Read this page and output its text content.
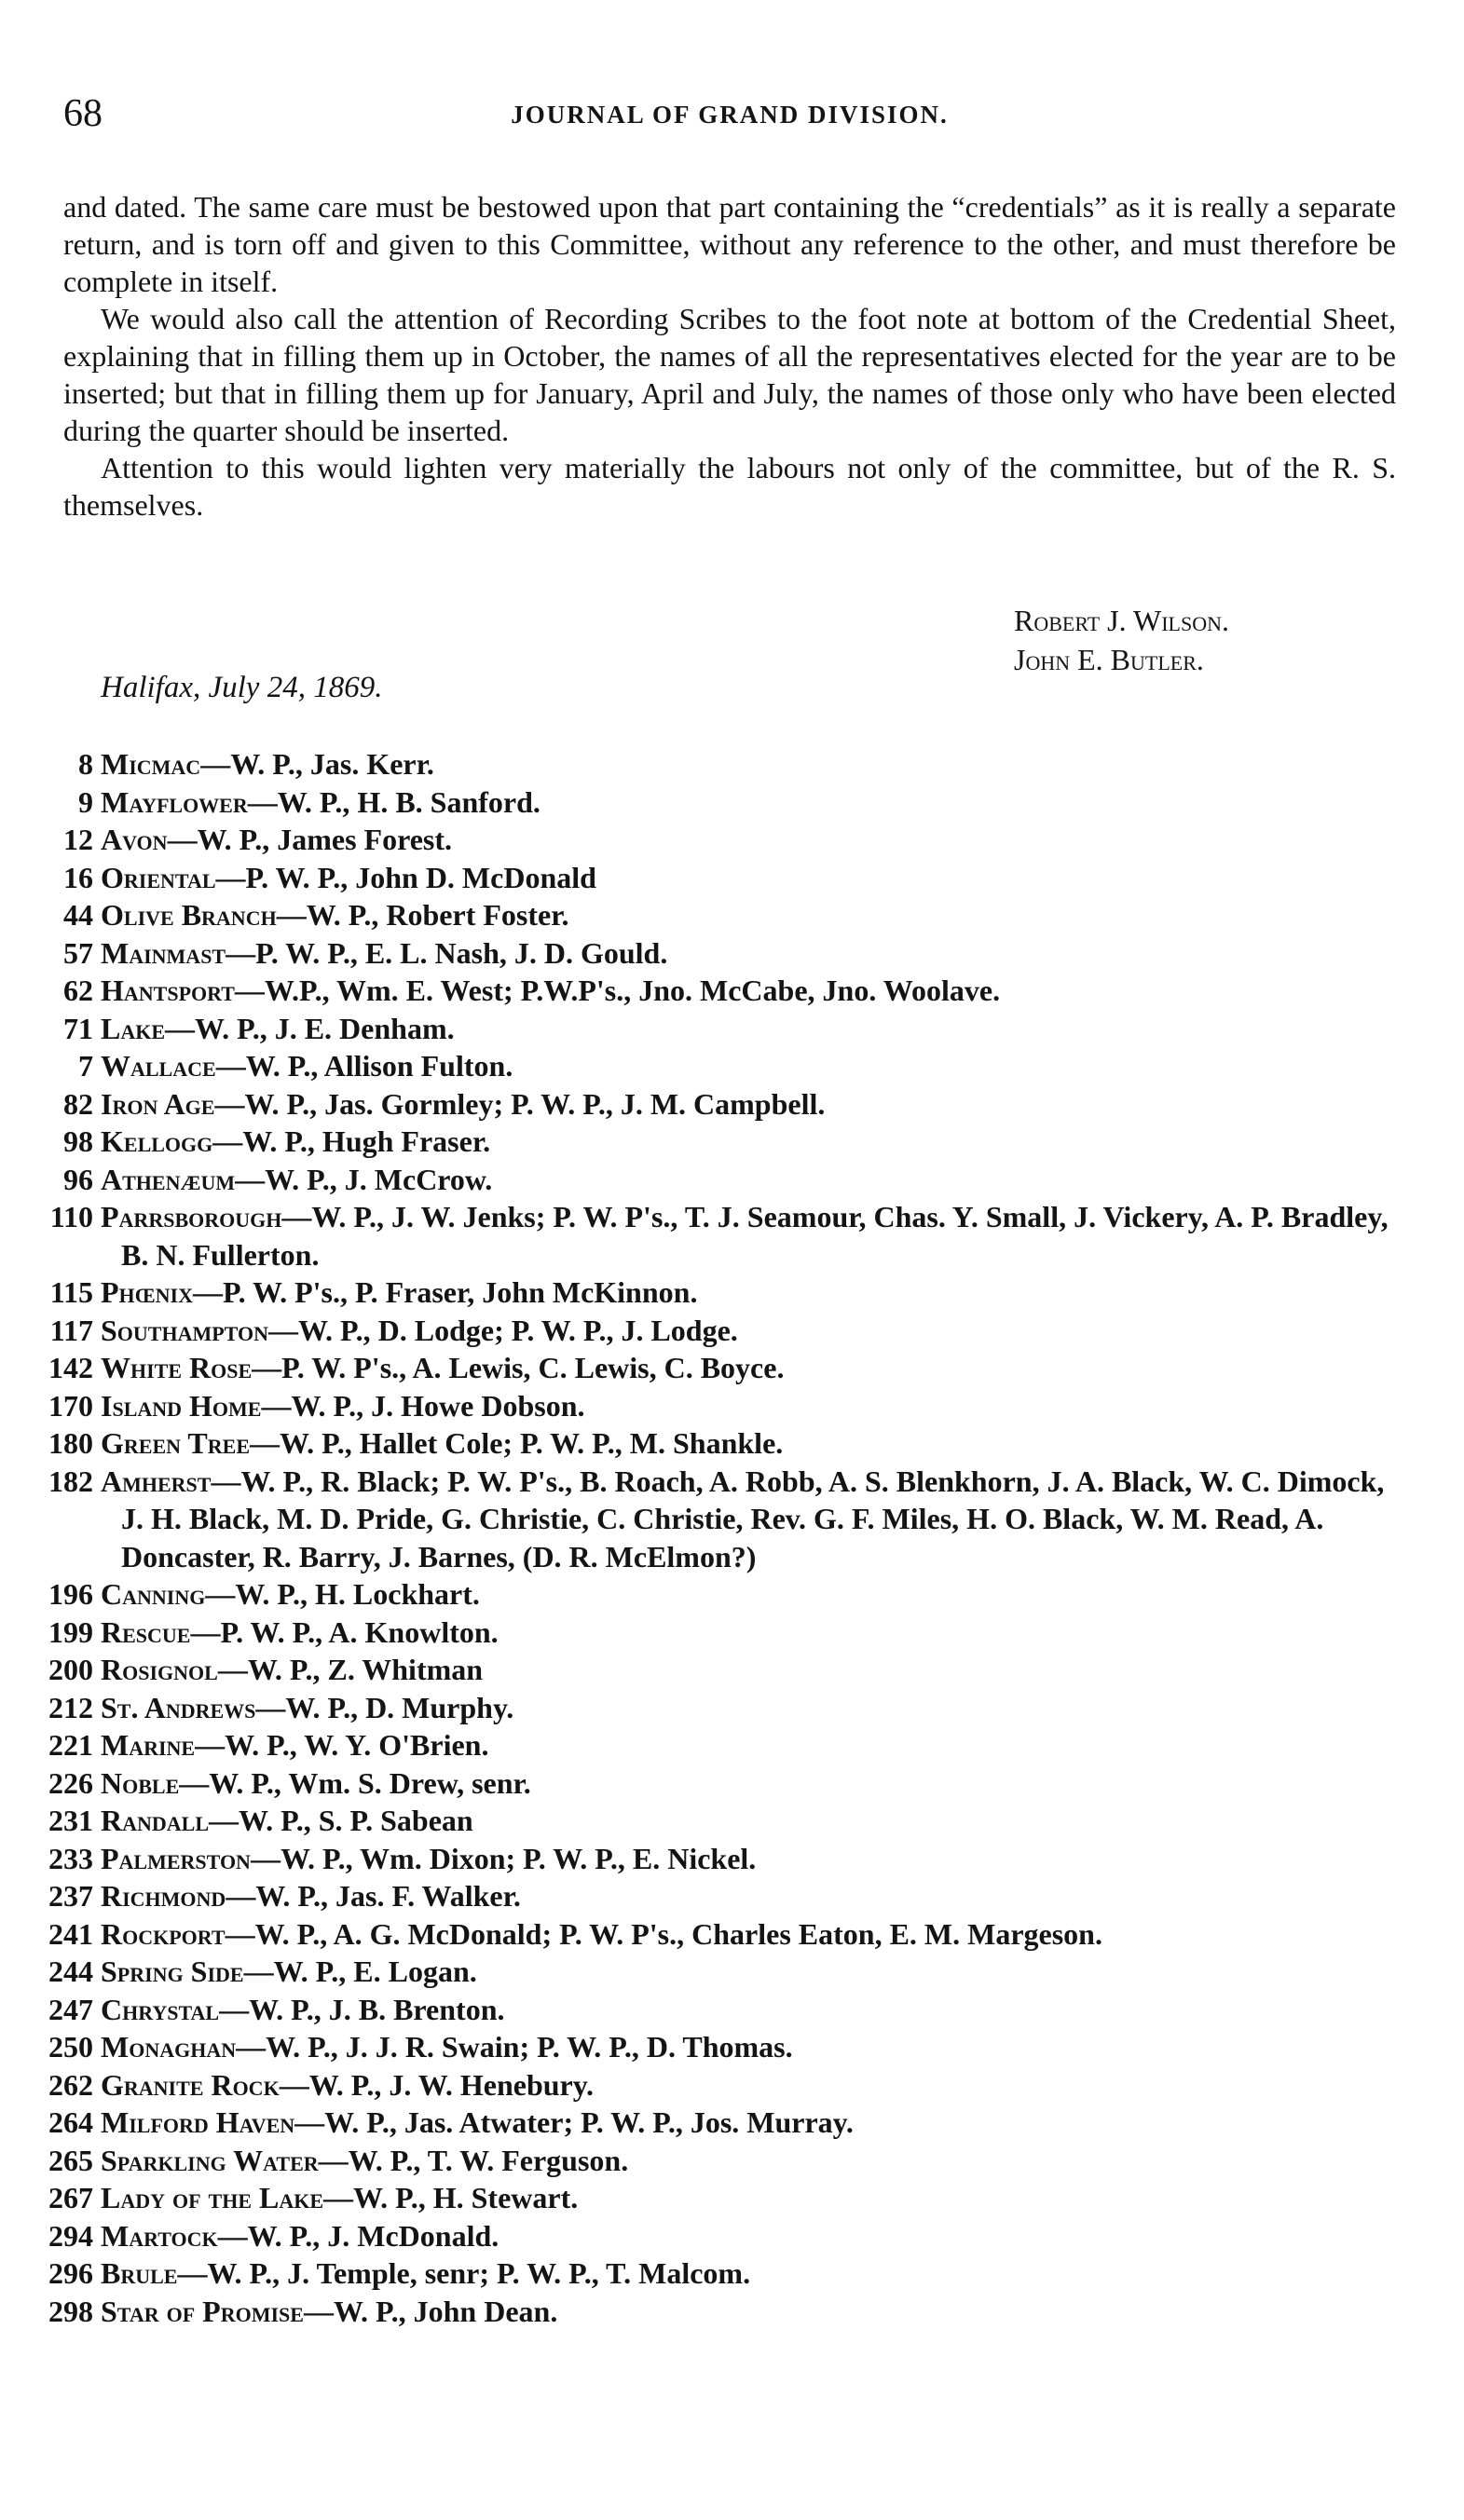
68	JOURNAL OF GRAND DIVISION.

and dated. The same care must be bestowed upon that part containing the “credentials” as it is really a separate return, and is torn off and given to this Committee, without any reference to the other, and must therefore be complete in itself.

We would also call the attention of Recording Scribes to the foot note at bottom of the Credential Sheet, explaining that in filling them up in October, the names of all the representatives elected for the year are to be inserted; but that in filling them up for January, April and July, the names of those only who have been elected during the quarter should be inserted.

Attention to this would lighten very materially the labours not only of the committee, but of the R. S. themselves.

Robert J. Wilson.
John E. Butler.
Halifax, July 24, 1869.
8 Micmac—W. P., Jas. Kerr.
9 Mayflower—W. P., H. B. Sanford.
12 Avon—W. P., James Forest.
16 Oriental—P. W. P., John D. McDonald
44 Olive Branch—W. P., Robert Foster.
57 Mainmast—P. W. P., E. L. Nash, J. D. Gould.
62 Hantsport—W.P., Wm. E. West; P.W.P's., Jno. McCabe, Jno. Woolave.
71 Lake—W. P., J. E. Denham.
7 Wallace—W. P., Allison Fulton.
82 Iron Age—W. P., Jas. Gormley; P. W. P., J. M. Campbell.
98 Kellogg—W. P., Hugh Fraser.
96 Athenæum—W. P., J. McCrow.
110 Parrsborough—W. P., J. W. Jenks; P. W. P's., T. J. Seamour, Chas. Y. Small, J. Vickery, A. P. Bradley, B. N. Fullerton.
115 Phœnix—P. W. P's., P. Fraser, John McKinnon.
117 Southampton—W. P., D. Lodge; P. W. P., J. Lodge.
142 White Rose—P. W. P's., A. Lewis, C. Lewis, C. Boyce.
170 Island Home—W. P., J. Howe Dobson.
180 Green Tree—W. P., Hallet Cole; P. W. P., M. Shankle.
182 Amherst—W. P., R. Black; P. W. P's., B. Roach, A. Robb, A. S. Blenkhorn, J. A. Black, W. C. Dimock, J. H. Black, M. D. Pride, G. Christie, C. Christie, Rev. G. F. Miles, H. O. Black, W. M. Read, A. Doncaster, R. Barry, J. Barnes, (D. R. McElmon?)
196 Canning—W. P., H. Lockhart.
199 Rescue—P. W. P., A. Knowlton.
200 Rosignol—W. P., Z. Whitman
212 St. Andrews—W. P., D. Murphy.
221 Marine—W. P., W. Y. O'Brien.
226 Noble—W. P., Wm. S. Drew, senr.
231 Randall—W. P., S. P. Sabean
233 Palmerston—W. P., Wm. Dixon; P. W. P., E. Nickel.
237 Richmond—W. P., Jas. F. Walker.
241 Rockport—W. P., A. G. McDonald; P. W. P's., Charles Eaton, E. M. Margeson.
244 Spring Side—W. P., E. Logan.
247 Chrystal—W. P., J. B. Brenton.
250 Monaghan—W. P., J. J. R. Swain; P. W. P., D. Thomas.
262 Granite Rock—W. P., J. W. Henebury.
264 Milford Haven—W. P., Jas. Atwater; P. W. P., Jos. Murray.
265 Sparkling Water—W. P., T. W. Ferguson.
267 Lady of the Lake—W. P., H. Stewart.
294 Martock—W. P., J. McDonald.
296 Brule—W. P., J. Temple, senr; P. W. P., T. Malcom.
298 Star of Promise—W. P., John Dean.
